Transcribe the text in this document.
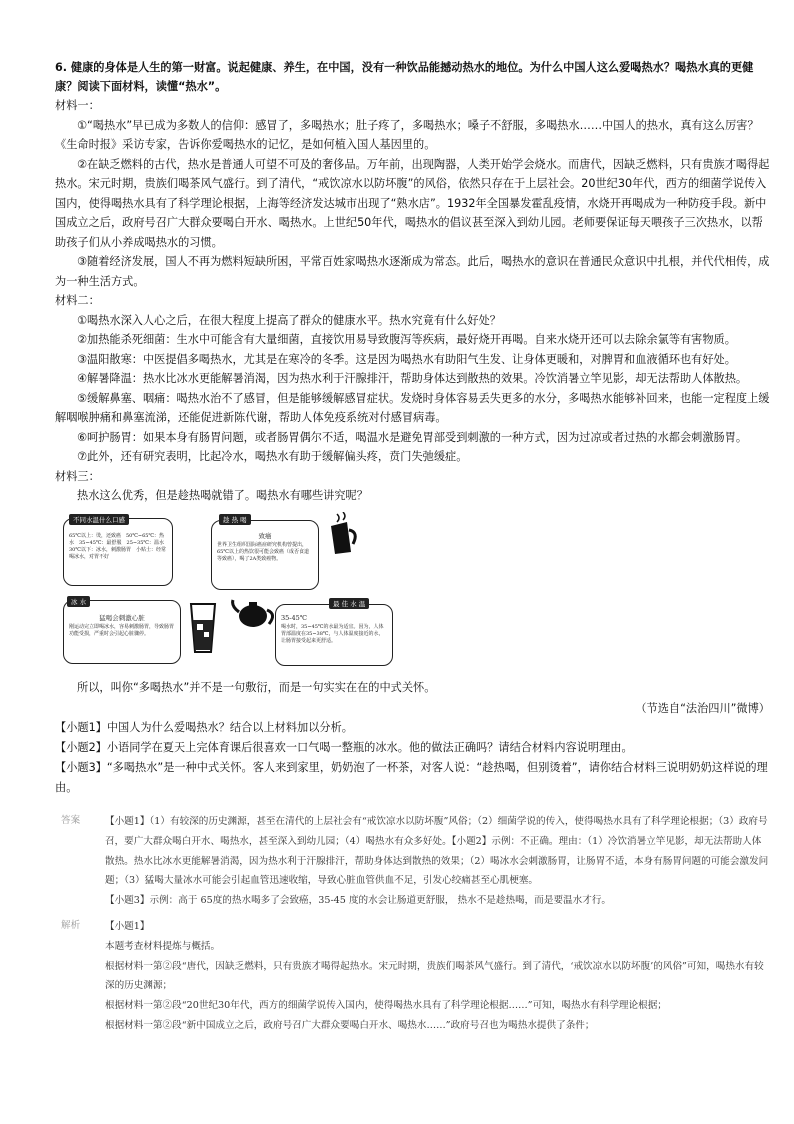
6. 健康的身体是人生的第一财富。说起健康、养生，在中国，没有一种饮品能撼动热水的地位。为什么中国人这么爱喝热水？喝热水真的更健康？阅读下面材料，读懂“热水”。
材料一：
①“喝热水”早已成为多数人的信仰：感冒了，多喝热水；肚子疼了，多喝热水；嗓子不舒服，多喝热水……中国人的热水，真有这么厉害？《生命时报》采访专家，告诉你爱喝热水的记忆，是如何植入国人基因里的。
②在缺乏燃料的古代，热水是普通人可望不可及的奢侈品。万年前，出现陶器，人类开始学会烧水。而唐代，因缺乏燃料，只有贵族才喝得起热水。宋元时期，贵族们喝茶风气盛行。到了清代，“戒饮凉水以防坏腹”的风俗，依然只存在于上层社会。20世纪30年代，西方的细菌学说传入国内，使得喝热水具有了科学理论根据，上海等经济发达城市出现了“熟水店”。1932年全国暴发霍乱疫情，水烧开再喝成为一种防疫手段。新中国成立之后，政府号召广大群众要喝白开水、喝热水。上世纪50年代，喝热水的倡议甚至深入到幼儿园。老师要保证每天喂孩子三次热水，以帮助孩子们从小养成喝热水的习惯。
③随着经济发展，国人不再为燃料短缺所困，平常百姓家喝热水逐渐成为常态。此后，喝热水的意识在普通民众意识中扎根，并代代相传，成为一种生活方式。
材料二：
①喝热水深入人心之后，在很大程度上提高了群众的健康水平。热水究竟有什么好处？
②加热能杀死细菌：生水中可能含有大量细菌，直接饮用易导致腹泻等疾病，最好烧开再喝。自来水烧开还可以去除余氯等有害物质。
③温阳散寒：中医提倡多喝热水，尤其是在寒冷的冬季。这是因为喝热水有助阳气生发、让身体更暖和，对脾胃和血液循环也有好处。
④解暑降温：热水比冰水更能解暑消渴，因为热水利于汗腺排汗，帮助身体达到散热的效果。冷饮消暑立竿见影，却无法帮助人体散热。
⑤缓解鼻塞、咽痛：喝热水治不了感冒，但是能够缓解感冒症状。发烧时身体容易丢失更多的水分，多喝热水能够补回来，也能一定程度上缓解咽喉肿痛和鼻塞流涕，还能促进新陈代谢，帮助人体免疫系统对付感冒病毒。
⑥呵护肠胃：如果本身有肠胃问题，或者肠胃偶尔不适，喝温水是避免胃部受到刺激的一种方式，因为过凉或者过热的水都会刺激肠胃。
⑦此外，还有研究表明，比起冷水，喝热水有助于缓解偏头疼，贲门失弛缓症。
材料三：
热水这么优秀，但是趁热喝就错了。喝热水有哪些讲究呢？
65℃以上：烫，还致癌　50℃~65℃：热水　35~45℃：最舒服　25~35℃：温水　30℃以下：冰水，刺激肠胃　小贴士：经常喝冰水，对胃不好
不同水温什么口感
致癌
世界卫生组织国际癌症研究机构曾提出，65℃以上的热饮很可能会致癌（成否食道等致癌），喝了2A类致癌物。
趁 热 喝
猛喝会刺激心脏
刚运动完立即喝冰水，容易刺激肠胃，导致肠胃功能受损，严重时会引起心脏骤停。
冰 水
35-45℃
喝水时，35~45℃的水最为适宜。因为，人体胃部温度在35~38℃，与人体温度接近的水，让肠胃接受起来更舒适。
最 佳 水 温
所以，叫你“多喝热水”并不是一句敷衍，而是一句实实在在的中式关怀。
（节选自“法治四川”微博）
【小题1】中国人为什么爱喝热水？结合以上材料加以分析。
【小题2】小语同学在夏天上完体育课后很喜欢一口气喝一整瓶的冰水。他的做法正确吗？请结合材料内容说明理由。
【小题3】“多喝热水”是一种中式关怀。客人来到家里，奶奶泡了一杯茶，对客人说：“趁热喝，但别烫着”，请你结合材料三说明奶奶这样说的理由。
答案	【小题1】（1）有较深的历史渊源，甚至在清代的上层社会有“戒饮凉水以防坏腹”风俗；（2）细菌学说的传入，使得喝热水具有了科学理论根据；（3）政府号召，要广大群众喝白开水、喝热水，甚至深入到幼儿园；（4）喝热水有众多好处。【小题2】示例：不正确。理由：（1）冷饮消暑立竿见影，却无法帮助人体散热。热水比冰水更能解暑消渴，因为热水利于汗腺排汗，帮助身体达到散热的效果；（2）喝冰水会刺激肠胃，让肠胃不适，本身有肠胃问题的可能会激发问题；（3）猛喝大量冰水可能会引起血管迅速收缩，导致心脏血管供血不足，引发心绞痛甚至心肌梗塞。
【小题3】示例：高于 65度的热水喝多了会致癌，35-45 度的水会让肠道更舒服， 热水不是趁热喝，而是要温水才行。
解析	【小题1】
本题考查材料提炼与概括。
根据材料一第②段“唐代，因缺乏燃料，只有贵族才喝得起热水。宋元时期，贵族们喝茶风气盛行。到了清代，‘戒饮凉水以防坏腹’的风俗”可知，喝热水有较深的历史渊源；
根据材料一第②段“20世纪30年代，西方的细菌学说传入国内，使得喝热水具有了科学理论根据……”可知，喝热水有科学理论根据；
根据材料一第②段“新中国成立之后，政府号召广大群众要喝白开水、喝热水……”政府号召也为喝热水提供了条件；
